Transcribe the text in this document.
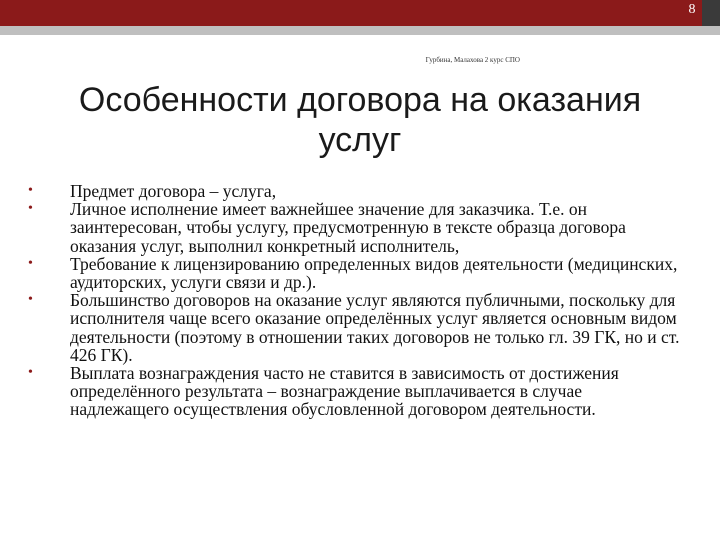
8
Гурбина, Малахова 2 курс СПО
Особенности договора на оказания услуг
• Предмет договора – услуга,
• Личное исполнение имеет важнейшее значение для заказчика. Т.е. он заинтересован, чтобы услугу, предусмотренную в тексте образца договора оказания услуг, выполнил конкретный исполнитель,
• Требование к лицензированию определенных видов деятельности (медицинских, аудиторских, услуги связи и др.).
• Большинство договоров на оказание услуг являются публичными, поскольку для исполнителя чаще всего оказание определённых услуг является основным видом деятельности (поэтому в отношении таких договоров не только гл. 39 ГК, но и ст. 426 ГК).
• Выплата вознаграждения часто не ставится в зависимость от достижения определённого результата – вознаграждение выплачивается в случае надлежащего осуществления обусловленной договором деятельности.
